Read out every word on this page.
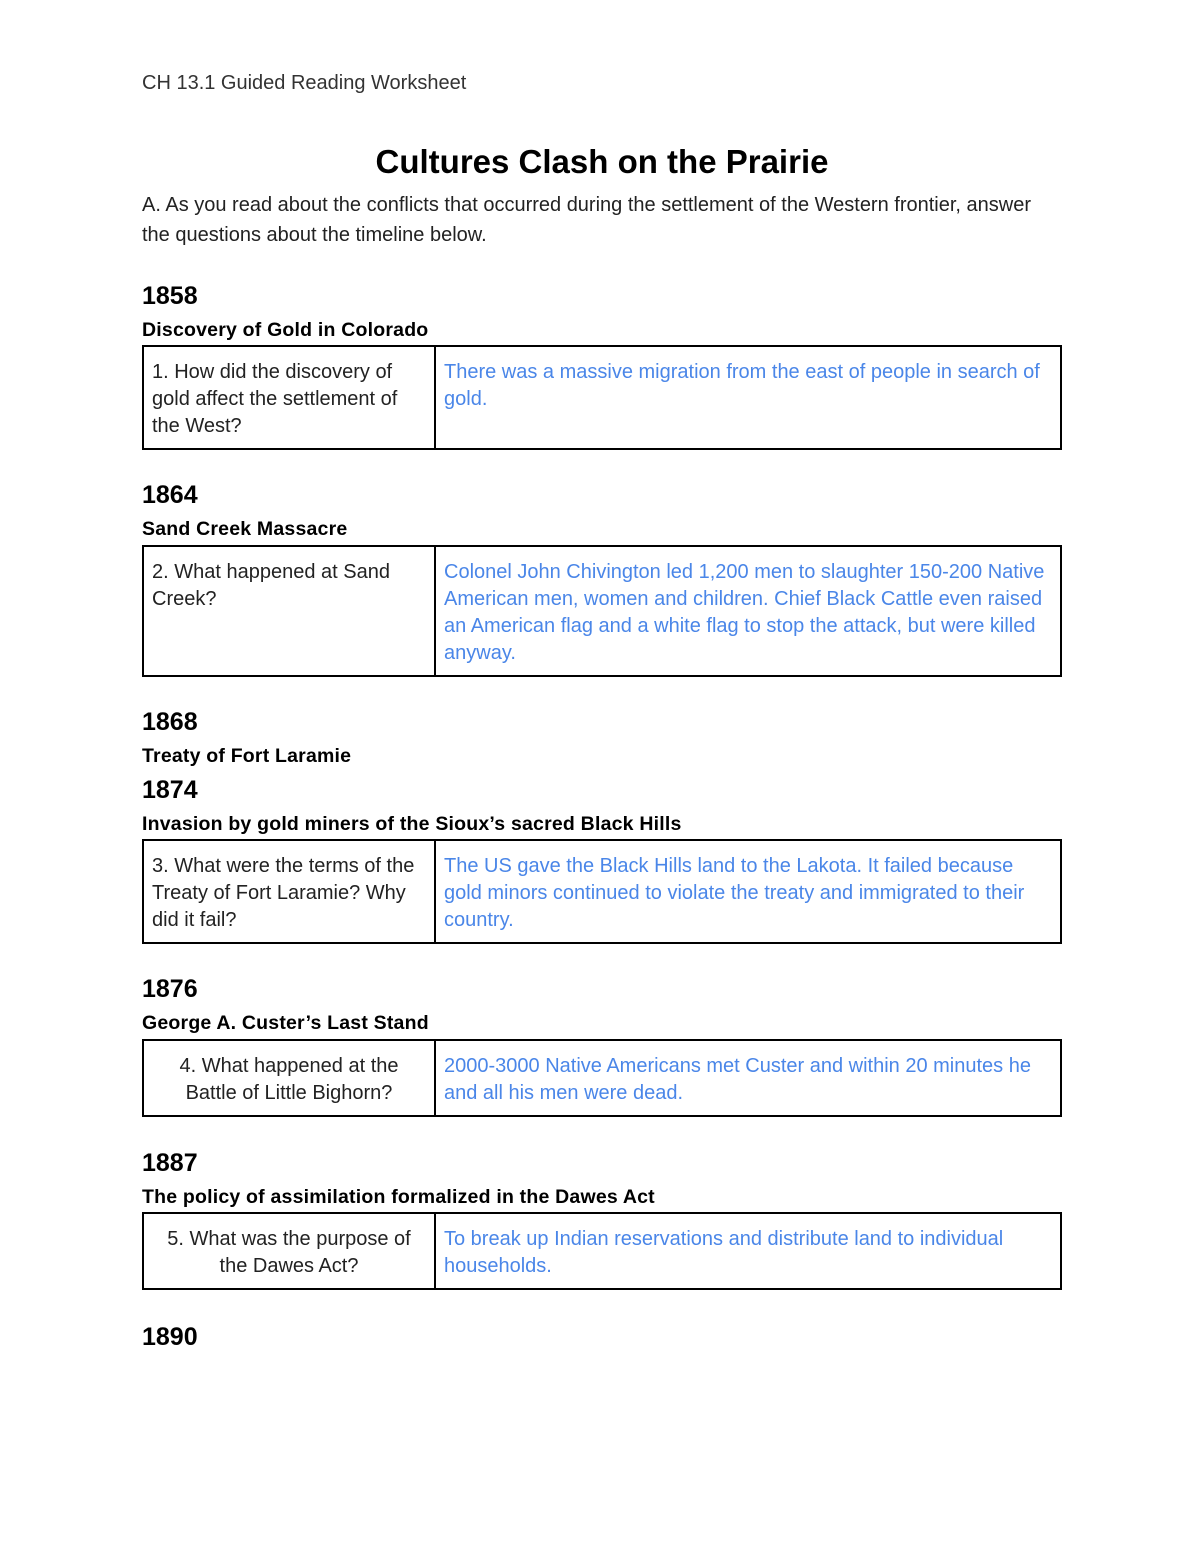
CH 13.1 Guided Reading Worksheet
Cultures Clash on the Prairie
A. As you read about the conflicts that occurred during the settlement of the Western frontier, answer the questions about the timeline below.
1858
Discovery of Gold in Colorado
1. How did the discovery of gold affect the settlement of the West?	There was a massive migration from the east of people in search of gold.
1864
Sand Creek Massacre
2. What happened at Sand Creek?	Colonel John Chivington led 1,200 men to slaughter 150-200 Native American men, women and children. Chief Black Cattle even raised an American flag and a white flag to stop the attack, but were killed anyway.
1868
Treaty of Fort Laramie
1874
Invasion by gold miners of the Sioux’s sacred Black Hills
3. What were the terms of the Treaty of Fort Laramie? Why did it fail?	The US gave the Black Hills land to the Lakota. It failed because gold minors continued to violate the treaty and immigrated to their country.
1876
George A. Custer’s Last Stand
4. What happened at the Battle of Little Bighorn?	2000-3000 Native Americans met Custer and within 20 minutes he and all his men were dead.
1887
The policy of assimilation formalized in the Dawes Act
5. What was the purpose of the Dawes Act?	To break up Indian reservations and distribute land to individual households.
1890
